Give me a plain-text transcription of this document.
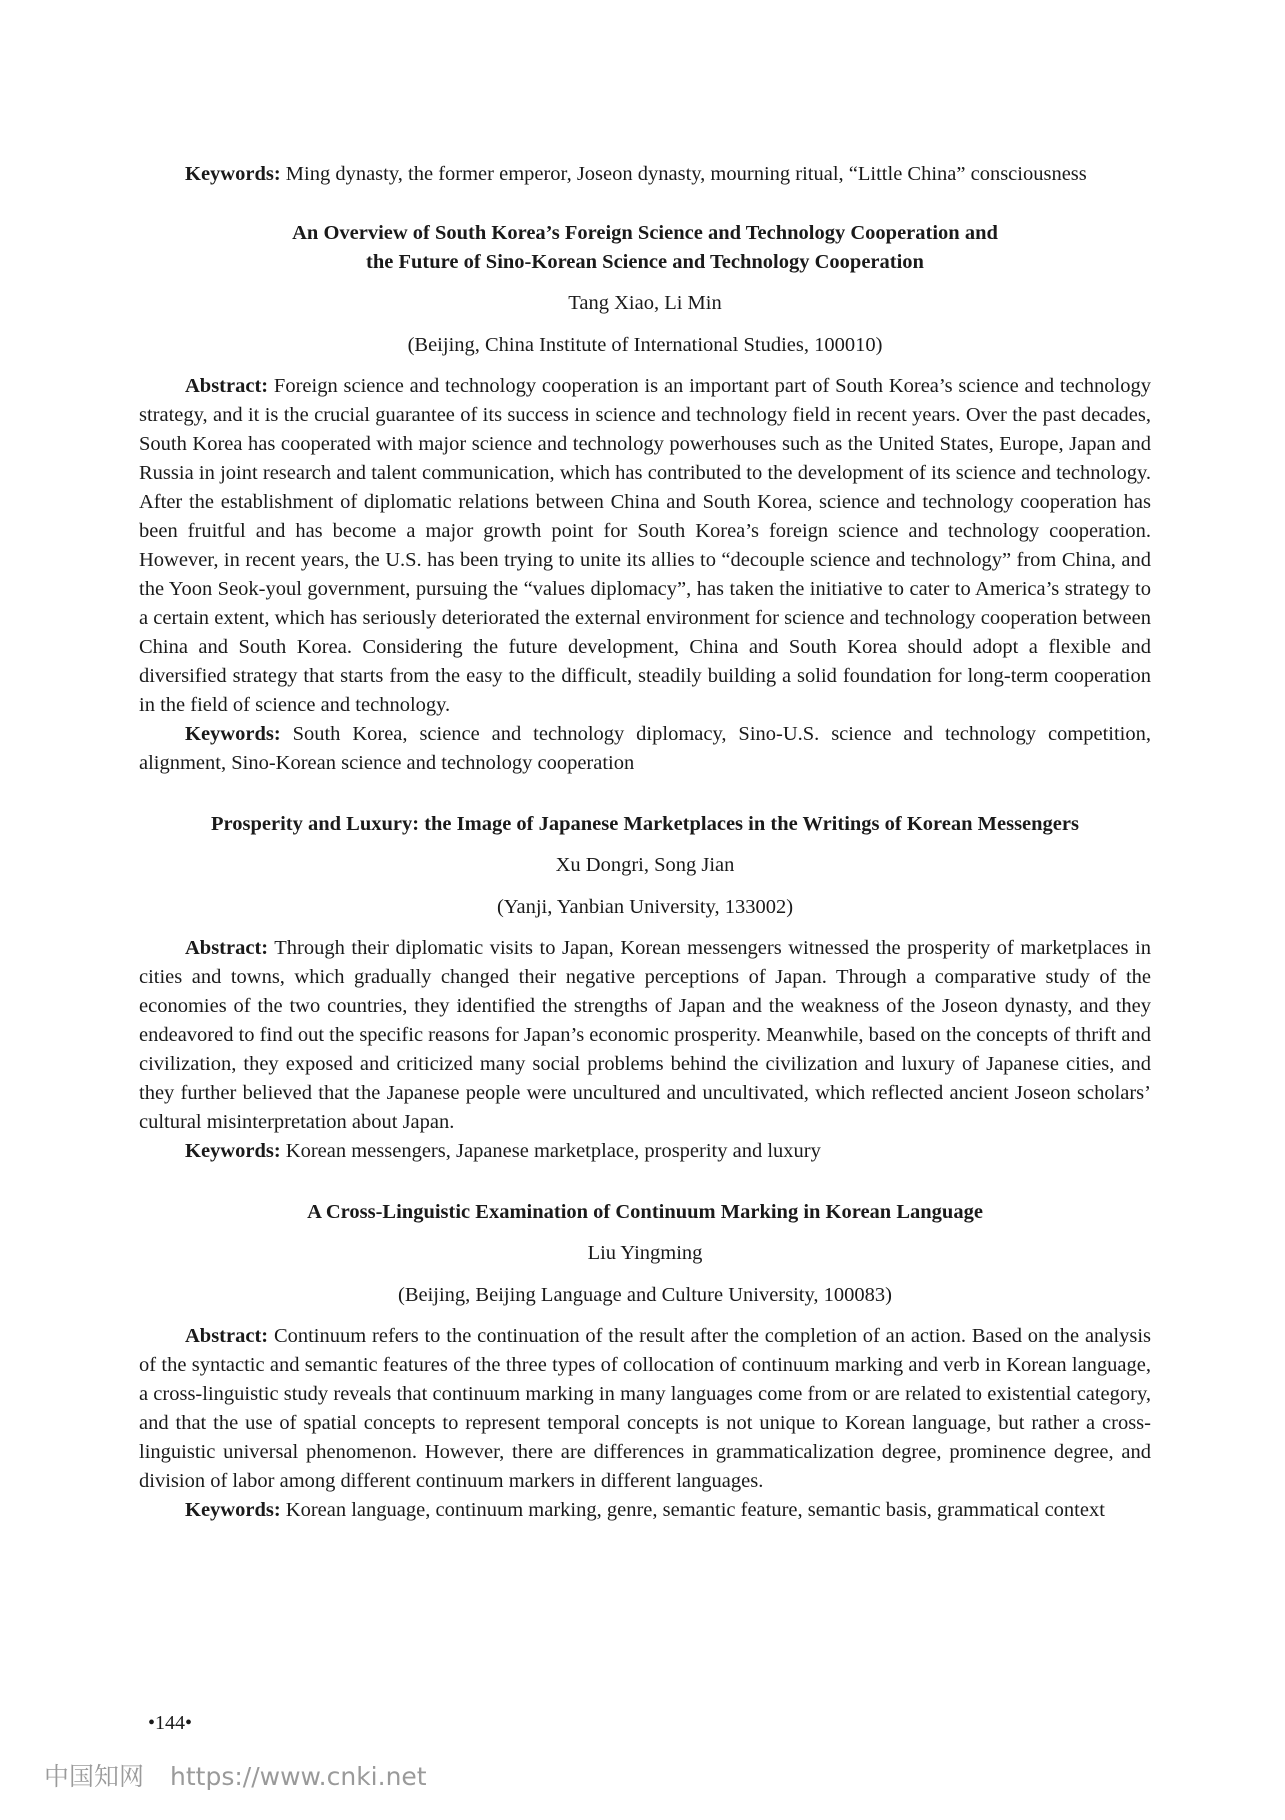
Keywords: Ming dynasty, the former emperor, Joseon dynasty, mourning ritual, “Little China” consciousness

An Overview of South Korea’s Foreign Science and Technology Cooperation and
the Future of Sino-Korean Science and Technology Cooperation
Tang Xiao, Li Min
(Beijing, China Institute of International Studies, 100010)

Abstract: Foreign science and technology cooperation is an important part of South Korea’s science and technology strategy, and it is the crucial guarantee of its success in science and technology field in recent years. Over the past decades, South Korea has cooperated with major science and technology powerhouses such as the United States, Europe, Japan and Russia in joint research and talent communication, which has contributed to the development of its science and technology. After the establishment of diplomatic relations between China and South Korea, science and technology cooperation has been fruitful and has become a major growth point for South Korea’s foreign science and technology cooperation. However, in recent years, the U.S. has been trying to unite its allies to “decouple science and technology” from China, and the Yoon Seok-youl government, pursuing the “values diplomacy”, has taken the initiative to cater to America’s strategy to a certain extent, which has seriously deteriorated the external environment for science and technology cooperation between China and South Korea. Considering the future development, China and South Korea should adopt a flexible and diversified strategy that starts from the easy to the difficult, steadily building a solid foundation for long-term cooperation in the field of science and technology.

Keywords: South Korea, science and technology diplomacy, Sino-U.S. science and technology competition, alignment, Sino-Korean science and technology cooperation

Prosperity and Luxury: the Image of Japanese Marketplaces in the Writings of Korean Messengers
Xu Dongri, Song Jian
(Yanji, Yanbian University, 133002)

Abstract: Through their diplomatic visits to Japan, Korean messengers witnessed the prosperity of marketplaces in cities and towns, which gradually changed their negative perceptions of Japan. Through a comparative study of the economies of the two countries, they identified the strengths of Japan and the weakness of the Joseon dynasty, and they endeavored to find out the specific reasons for Japan’s economic prosperity. Meanwhile, based on the concepts of thrift and civilization, they exposed and criticized many social problems behind the civilization and luxury of Japanese cities, and they further believed that the Japanese people were uncultured and uncultivated, which reflected ancient Joseon scholars’ cultural misinterpretation about Japan.

Keywords: Korean messengers, Japanese marketplace, prosperity and luxury

A Cross-Linguistic Examination of Continuum Marking in Korean Language
Liu Yingming
(Beijing, Beijing Language and Culture University, 100083)

Abstract: Continuum refers to the continuation of the result after the completion of an action. Based on the analysis of the syntactic and semantic features of the three types of collocation of continuum marking and verb in Korean language, a cross-linguistic study reveals that continuum marking in many languages come from or are related to existential category, and that the use of spatial concepts to represent temporal concepts is not unique to Korean language, but rather a cross-linguistic universal phenomenon. However, there are differences in grammaticalization degree, prominence degree, and division of labor among different continuum markers in different languages.

Keywords: Korean language, continuum marking, genre, semantic feature, semantic basis, grammatical context

•144•
中国知网 https://www.cnki.net
